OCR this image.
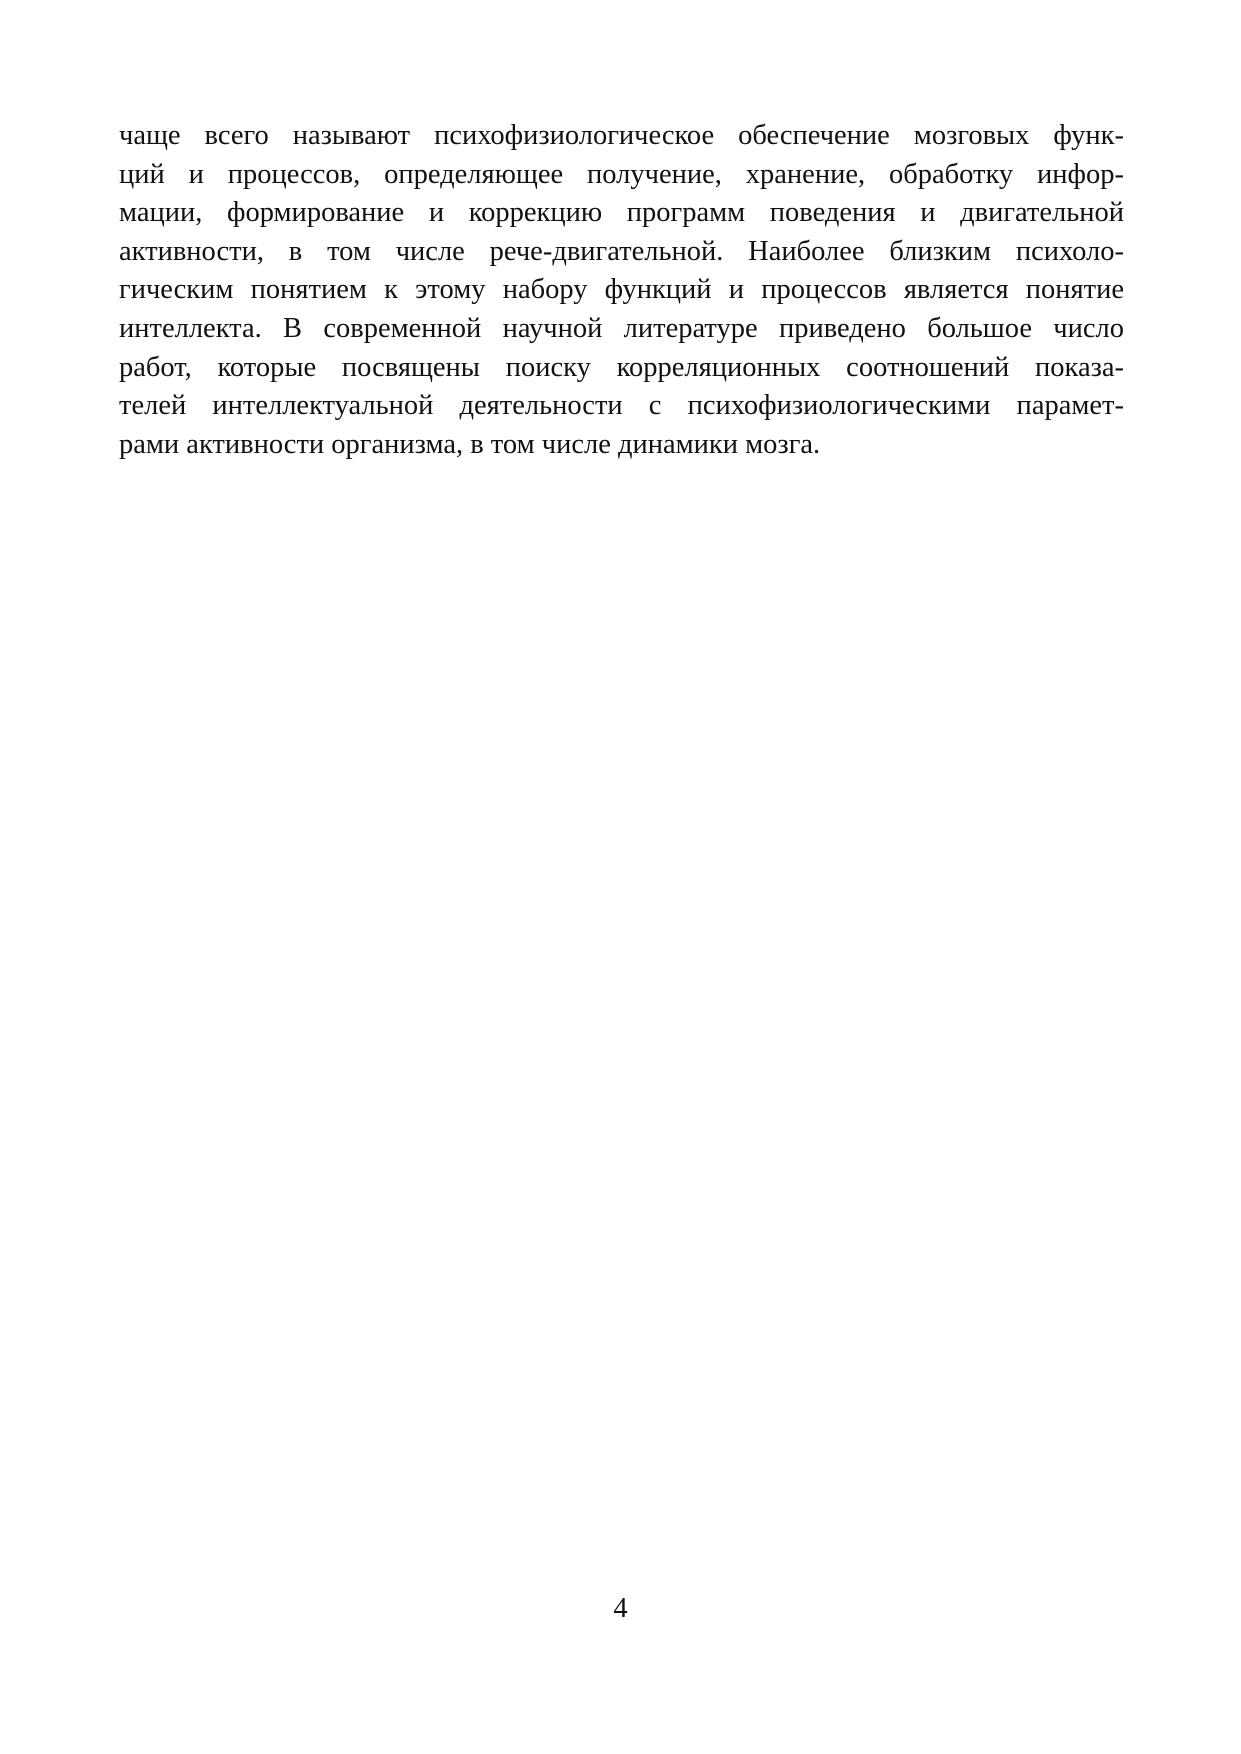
чаще всего называют психофизиологическое обеспечение мозговых функ-
ций и процессов, определяющее получение, хранение, обработку инфор-
мации, формирование и коррекцию программ поведения и двигательной
активности, в том числе рече-двигательной. Наиболее близким психоло-
гическим понятием к этому набору функций и процессов является понятие
интеллекта. В современной научной литературе приведено большое число
работ, которые посвящены поиску корреляционных соотношений показа-
телей интеллектуальной деятельности с психофизиологическими парамет-
рами активности организма, в том числе динамики мозга.
4
